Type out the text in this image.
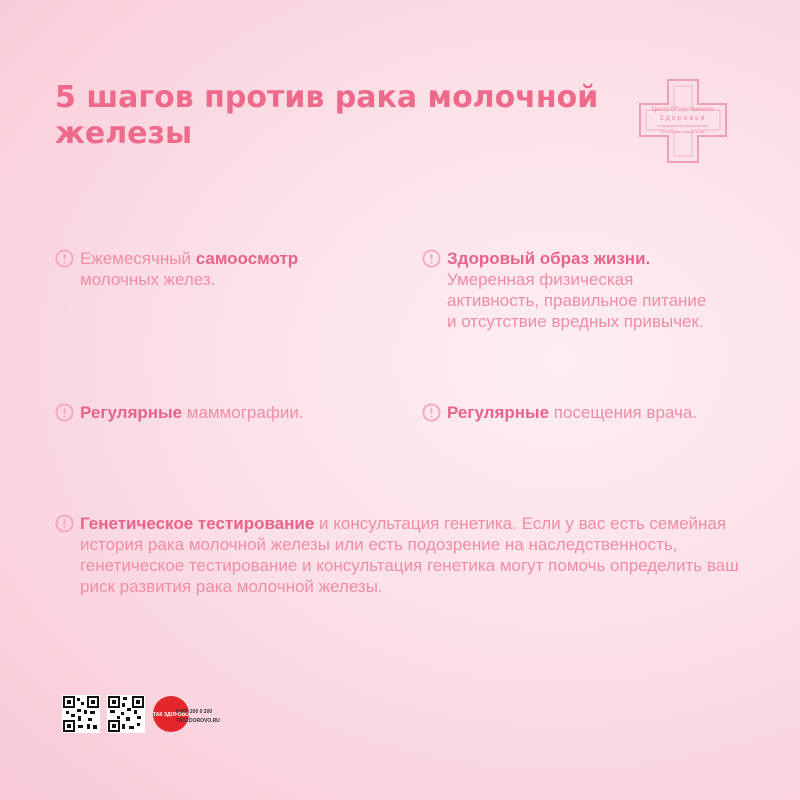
5 шагов против рака молочной железы
Центр Общественного
Здоровья
и медицинской профилактики
Республики Башкортостан
Ежемесячный самоосмотр молочных желез.
Здоровый образ жизни. Умеренная физическая активность, правильное питание и отсутствие вредных привычек.
Регулярные маммографии.	Регулярные посещения врача.
Генетическое тестирование и консультация генетика. Если у вас есть семейная история рака молочной железы или есть подозрение на наследственность, генетическое тестирование и консультация генетика могут помочь определить ваш риск развития рака молочной железы.
ТАК ЗДОРОВО
8 800 200 0 200
TAKZDOROVO.RU
